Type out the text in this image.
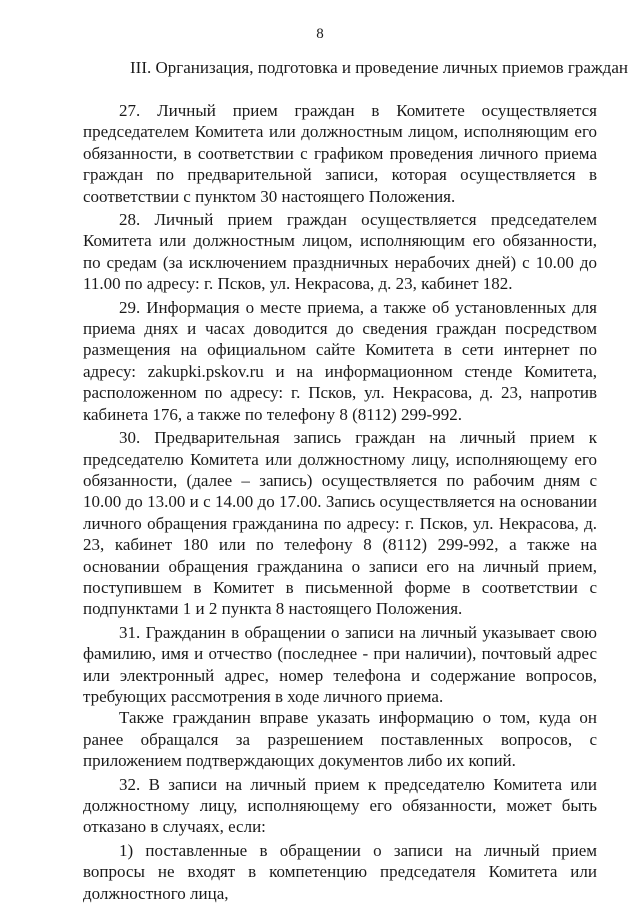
8
III. Организация, подготовка и проведение личных приемов граждан

27. Личный прием граждан в Комитете осуществляется председателем Комитета или должностным лицом, исполняющим его обязанности, в соответствии с графиком проведения личного приема граждан по предварительной записи, которая осуществляется в соответствии с пунктом 30 настоящего Положения.

28. Личный прием граждан осуществляется председателем Комитета или должностным лицом, исполняющим его обязанности, по средам (за исключением праздничных нерабочих дней) с 10.00 до 11.00 по адресу: г. Псков, ул. Некрасова, д. 23, кабинет 182.

29. Информация о месте приема, а также об установленных для приема днях и часах доводится до сведения граждан посредством размещения на официальном сайте Комитета в сети интернет по адресу: zakupki.pskov.ru и на информационном стенде Комитета, расположенном по адресу: г. Псков, ул. Некрасова, д. 23, напротив кабинета 176, а также по телефону 8 (8112) 299-992.

30. Предварительная запись граждан на личный прием к председателю Комитета или должностному лицу, исполняющему его обязанности, (далее – запись) осуществляется по рабочим дням с 10.00 до 13.00 и с 14.00 до 17.00. Запись осуществляется на основании личного обращения гражданина по адресу: г. Псков, ул. Некрасова, д. 23, кабинет 180 или по телефону 8 (8112) 299-992, а также на основании обращения гражданина о записи его на личный прием, поступившем в Комитет в письменной форме в соответствии с подпунктами 1 и 2 пункта 8 настоящего Положения.

31. Гражданин в обращении о записи на личный указывает свою фамилию, имя и отчество (последнее - при наличии), почтовый адрес или электронный адрес, номер телефона и содержание вопросов, требующих рассмотрения в ходе личного приема.

Также гражданин вправе указать информацию о том, куда он ранее обращался за разрешением поставленных вопросов, с приложением подтверждающих документов либо их копий.

32. В записи на личный прием к председателю Комитета или должностному лицу, исполняющему его обязанности, может быть отказано в случаях, если:

1) поставленные в обращении о записи на личный прием вопросы не входят в компетенцию председателя Комитета или должностного лица,
